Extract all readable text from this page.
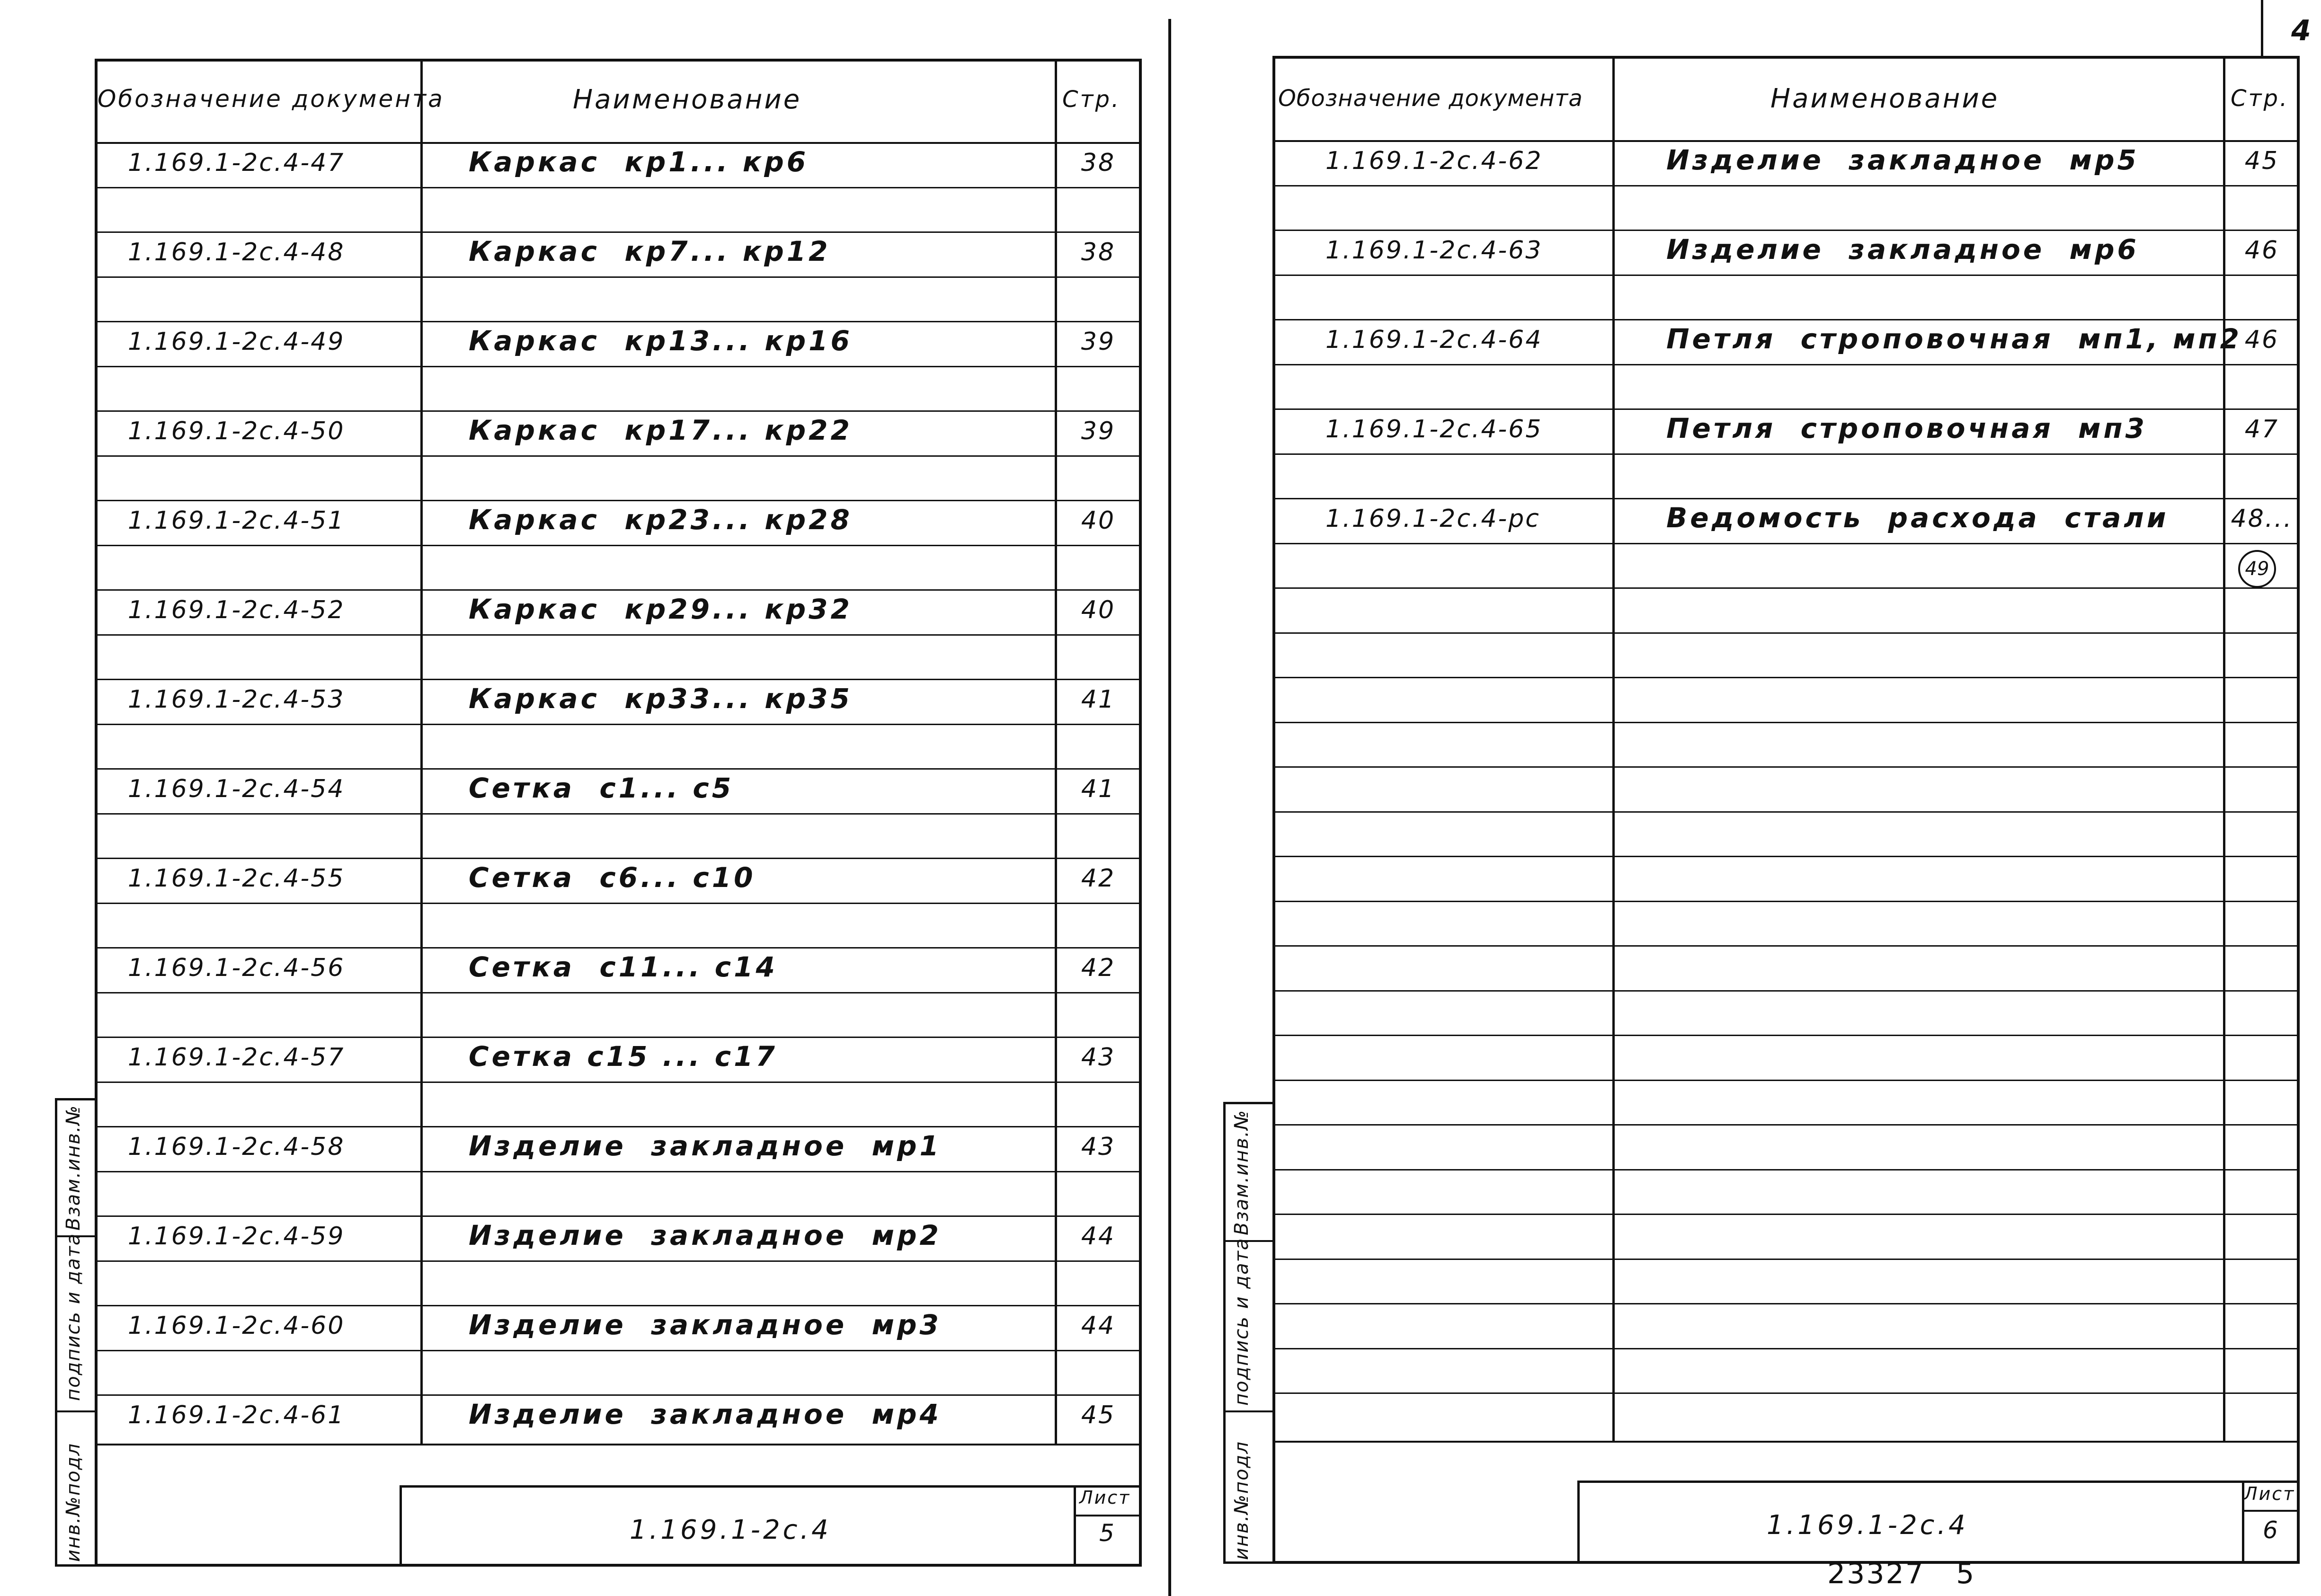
Обозначение документа	Наименование	Стр.
1.169.1-2с.4-47	Каркас  кр1... кр6	38
1.169.1-2с.4-48	Каркас  кр7... кр12	38
1.169.1-2с.4-49	Каркас  кр13... кр16	39
1.169.1-2с.4-50	Каркас  кр17... кр22	39
1.169.1-2с.4-51	Каркас  кр23... кр28	40
1.169.1-2с.4-52	Каркас  кр29... кр32	40
1.169.1-2с.4-53	Каркас  кр33... кр35	41
1.169.1-2с.4-54	Сетка  с1... с5	41
1.169.1-2с.4-55	Сетка  с6... с10	42
1.169.1-2с.4-56	Сетка  с11... с14	42
1.169.1-2с.4-57	Сетка с15 ... с17	43
1.169.1-2с.4-58	Изделие  закладное  мр1	43
1.169.1-2с.4-59	Изделие  закладное  мр2	44
1.169.1-2с.4-60	Изделие  закладное  мр3	44
1.169.1-2с.4-61	Изделие  закладное  мр4	45
1.169.1-2с.4
Лист
5
Взам.инв.№
подпись и дата
инв.№подл
Обозначение документа	Наименование	Стр.
1.169.1-2с.4-62	Изделие  закладное  мр5	45
1.169.1-2с.4-63	Изделие  закладное  мр6	46
1.169.1-2с.4-64	Петля  строповочная  мп1, мп2 46
1.169.1-2с.4-65	Петля  строповочная  мп3	47
1.169.1-2с.4-рс	Ведомость  расхода  стали	48...
49
1.169.1-2с.4
Лист
6
Взам.инв.№
подпись и дата
инв.№подл
4
23327   5
